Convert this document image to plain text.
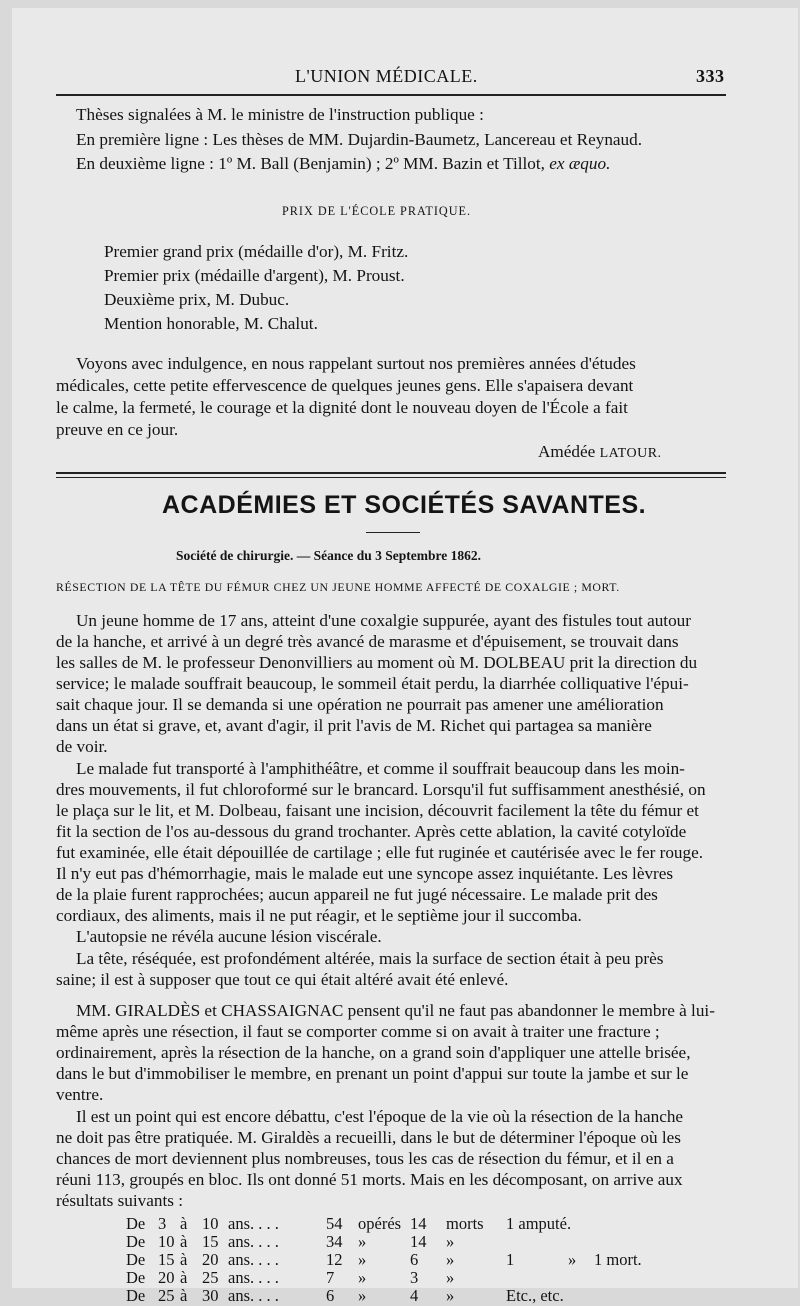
L'UNION MÉDICALE.	333
Thèses signalées à M. le ministre de l'instruction publique :
En première ligne : Les thèses de MM. Dujardin-Baumetz, Lancereau et Reynaud.
En deuxième ligne : 1º M. Ball (Benjamin) ; 2º MM. Bazin et Tillot, ex æquo.
PRIX DE L'ÉCOLE PRATIQUE.
Premier grand prix (médaille d'or), M. Fritz.
Premier prix (médaille d'argent), M. Proust.
Deuxième prix, M. Dubuc.
Mention honorable, M. Chalut.
Voyons avec indulgence, en nous rappelant surtout nos premières années d'études
médicales, cette petite effervescence de quelques jeunes gens. Elle s'apaisera devant
le calme, la fermeté, le courage et la dignité dont le nouveau doyen de l'École a fait
preuve en ce jour.
Amédée LATOUR.
ACADÉMIES ET SOCIÉTÉS SAVANTES.
Société de chirurgie. — Séance du 3 Septembre 1862.
RÉSECTION DE LA TÊTE DU FÉMUR CHEZ UN JEUNE HOMME AFFECTÉ DE COXALGIE ; MORT.
Un jeune homme de 17 ans, atteint d'une coxalgie suppurée, ayant des fistules tout autour
de la hanche, et arrivé à un degré très avancé de marasme et d'épuisement, se trouvait dans
les salles de M. le professeur Denonvilliers au moment où M. DOLBEAU prit la direction du
service; le malade souffrait beaucoup, le sommeil était perdu, la diarrhée colliquative l'épui-
sait chaque jour. Il se demanda si une opération ne pourrait pas amener une amélioration
dans un état si grave, et, avant d'agir, il prit l'avis de M. Richet qui partagea sa manière
de voir.
Le malade fut transporté à l'amphithéâtre, et comme il souffrait beaucoup dans les moin-
dres mouvements, il fut chloroformé sur le brancard. Lorsqu'il fut suffisamment anesthésié, on
le plaça sur le lit, et M. Dolbeau, faisant une incision, découvrit facilement la tête du fémur et
fit la section de l'os au-dessous du grand trochanter. Après cette ablation, la cavité cotyloïde
fut examinée, elle était dépouillée de cartilage ; elle fut ruginée et cautérisée avec le fer rouge.
Il n'y eut pas d'hémorrhagie, mais le malade eut une syncope assez inquiétante. Les lèvres
de la plaie furent rapprochées; aucun appareil ne fut jugé nécessaire. Le malade prit des
cordiaux, des aliments, mais il ne put réagir, et le septième jour il succomba.
L'autopsie ne révéla aucune lésion viscérale.
La tête, réséquée, est profondément altérée, mais la surface de section était à peu près
saine; il est à supposer que tout ce qui était altéré avait été enlevé.
MM. GIRALDÈS et CHASSAIGNAC pensent qu'il ne faut pas abandonner le membre à lui-
même après une résection, il faut se comporter comme si on avait à traiter une fracture ;
ordinairement, après la résection de la hanche, on a grand soin d'appliquer une attelle brisée,
dans le but d'immobiliser le membre, en prenant un point d'appui sur toute la jambe et sur le
ventre.
Il est un point qui est encore débattu, c'est l'époque de la vie où la résection de la hanche
ne doit pas être pratiquée. M. Giraldès a recueilli, dans le but de déterminer l'époque où les
chances de mort deviennent plus nombreuses, tous les cas de résection du fémur, et il en a
réuni 113, groupés en bloc. Ils ont donné 51 morts. Mais en les décomposant, on arrive aux
résultats suivants :
De 3 à 10 ans. . . .	54 opérés 14 morts 1 amputé.
De 10 à 15 ans. . . .	34 »	14 »
De 15 à 20 ans. . . .	12 »	6 »	1	» 1 mort.
De 20 à 25 ans. . . .	7 »	3 »
De 25 à 30 ans. . . .	6 »	4 »	Etc., etc.
